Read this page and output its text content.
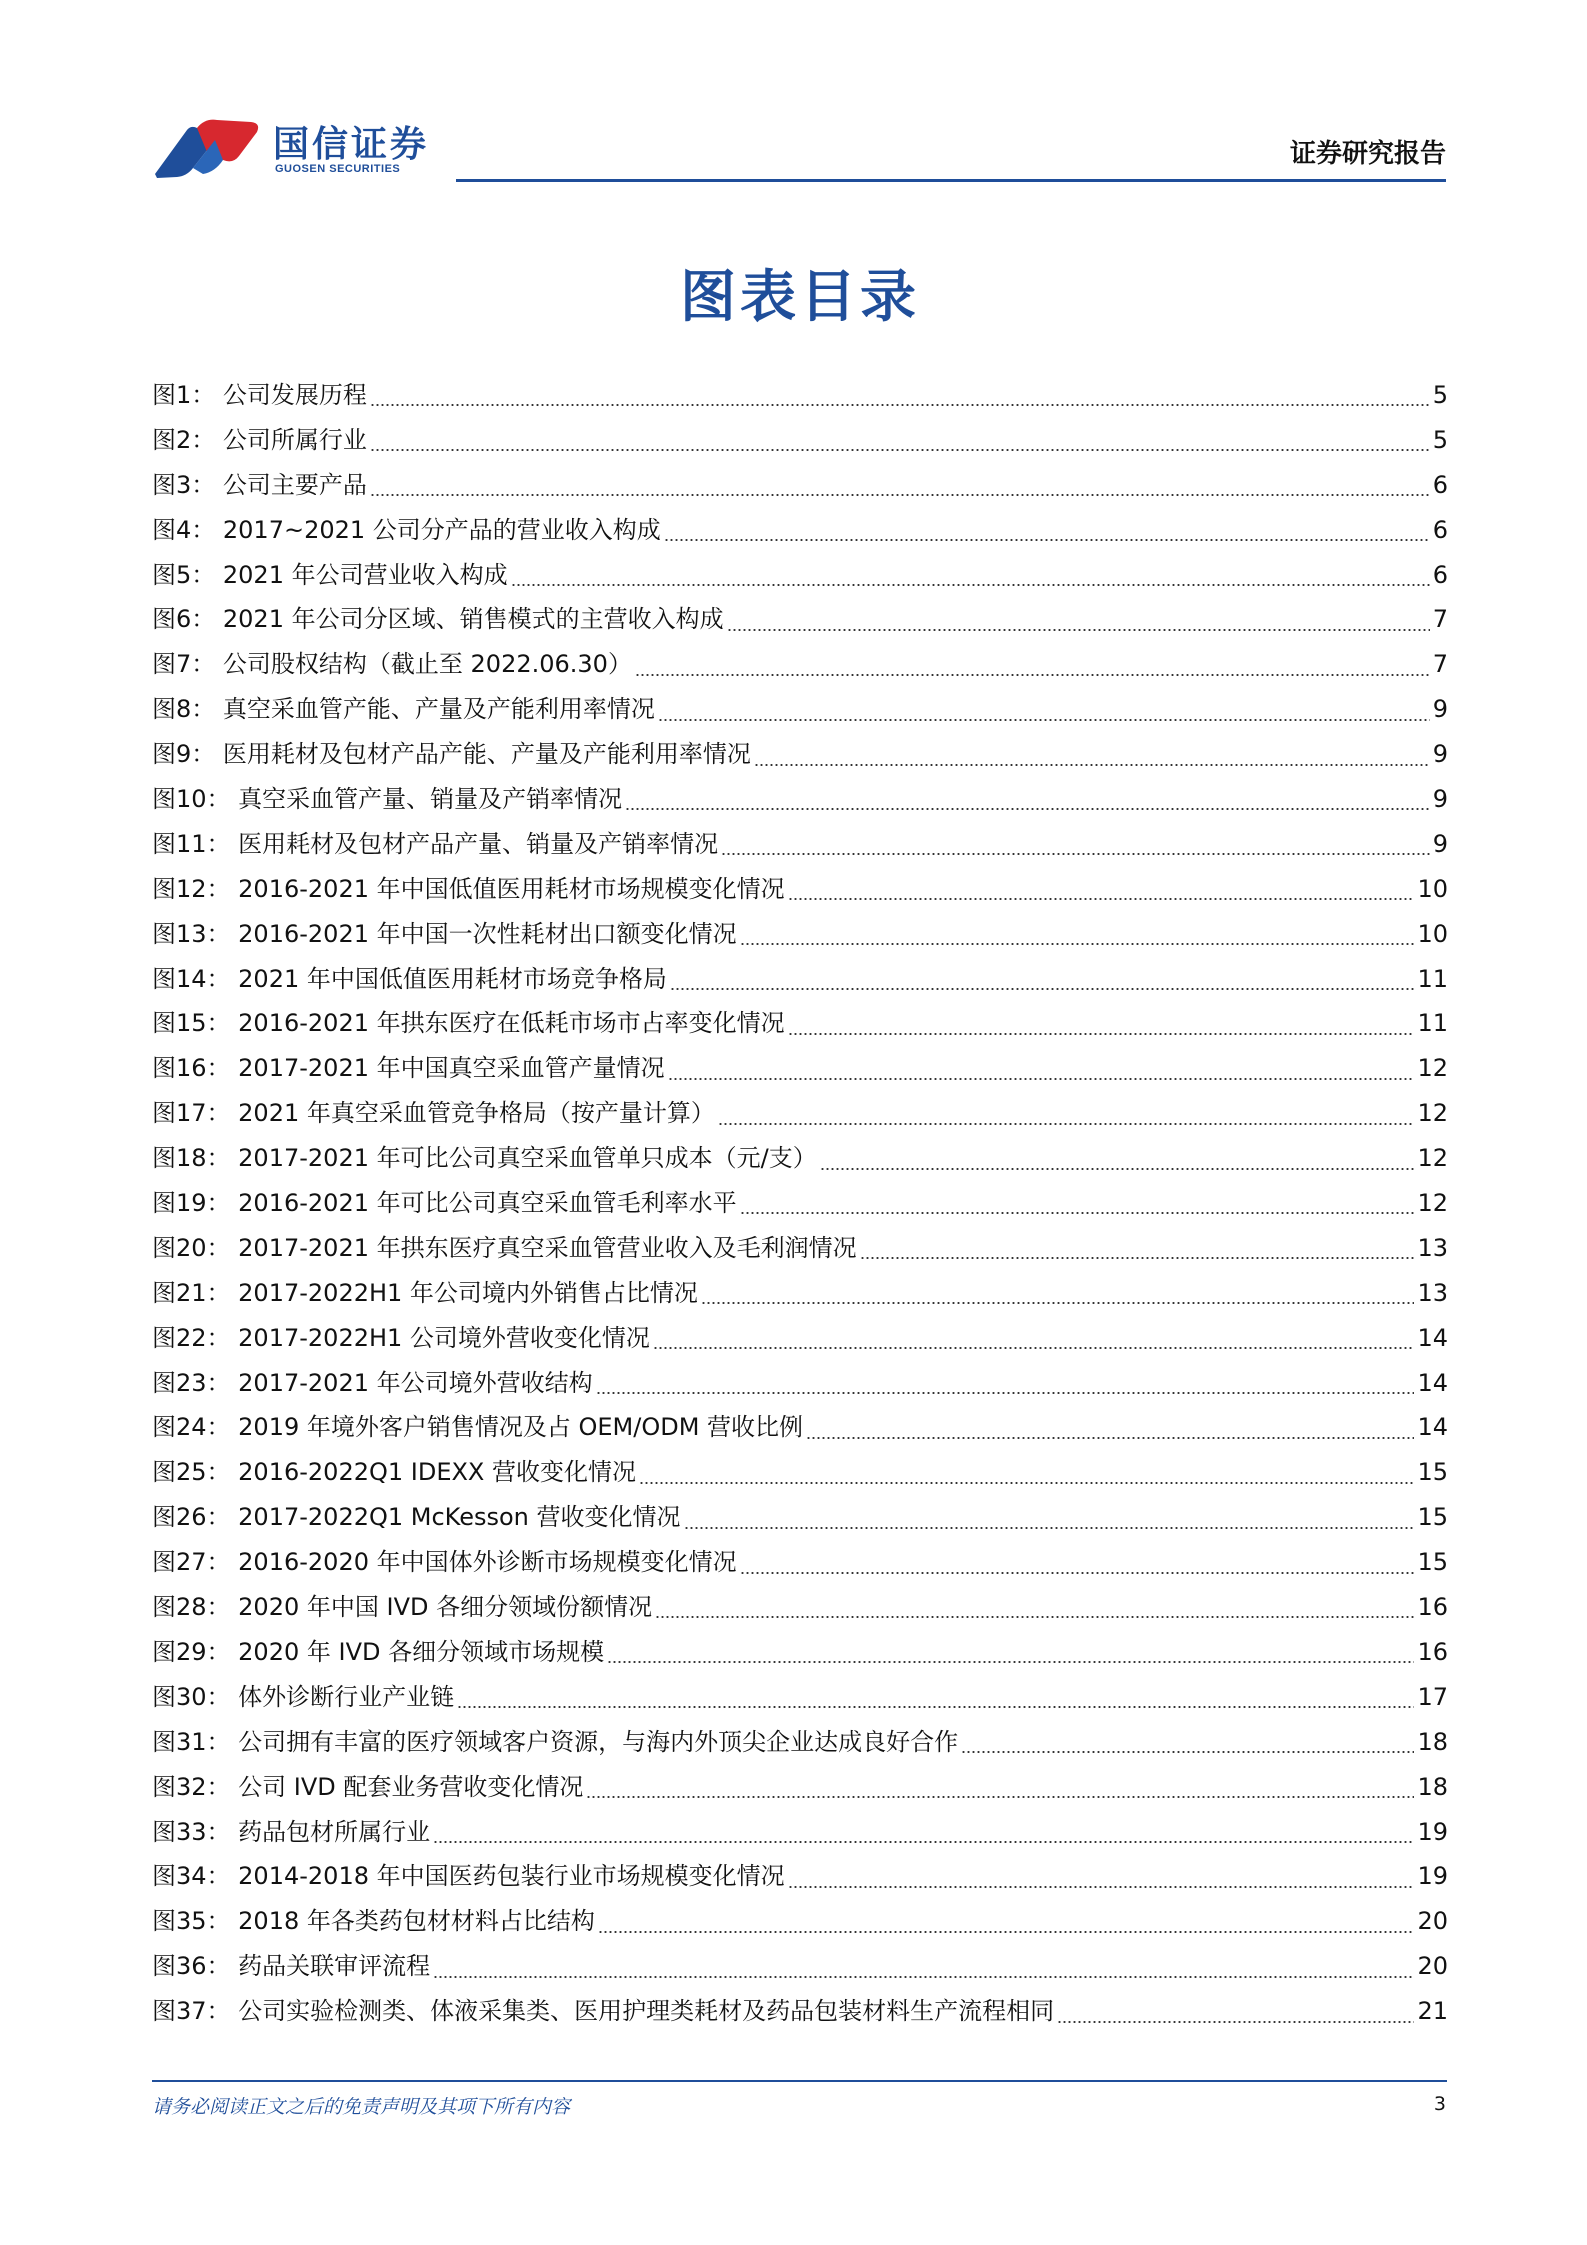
国信证券
GUOSEN SECURITIES	证券研究报告
图表目录
图1： 公司发展历程	5
图2： 公司所属行业	5
图3： 公司主要产品	6
图4： 2017~2021 公司分产品的营业收入构成	6
图5： 2021 年公司营业收入构成	6
图6： 2021 年公司分区域、销售模式的主营收入构成	7
图7： 公司股权结构（截止至 2022.06.30）	7
图8： 真空采血管产能、产量及产能利用率情况	9
图9： 医用耗材及包材产品产能、产量及产能利用率情况	9
图10： 真空采血管产量、销量及产销率情况	9
图11： 医用耗材及包材产品产量、销量及产销率情况	9
图12： 2016-2021 年中国低值医用耗材市场规模变化情况	10
图13： 2016-2021 年中国一次性耗材出口额变化情况	10
图14： 2021 年中国低值医用耗材市场竞争格局	11
图15： 2016-2021 年拱东医疗在低耗市场市占率变化情况	11
图16： 2017-2021 年中国真空采血管产量情况	12
图17： 2021 年真空采血管竞争格局（按产量计算）	12
图18： 2017-2021 年可比公司真空采血管单只成本（元/支）	12
图19： 2016-2021 年可比公司真空采血管毛利率水平	12
图20： 2017-2021 年拱东医疗真空采血管营业收入及毛利润情况	13
图21： 2017-2022H1 年公司境内外销售占比情况	13
图22： 2017-2022H1 公司境外营收变化情况	14
图23： 2017-2021 年公司境外营收结构	14
图24： 2019 年境外客户销售情况及占 OEM/ODM 营收比例	14
图25： 2016-2022Q1 IDEXX 营收变化情况	15
图26： 2017-2022Q1 McKesson 营收变化情况	15
图27： 2016-2020 年中国体外诊断市场规模变化情况	15
图28： 2020 年中国 IVD 各细分领域份额情况	16
图29： 2020 年 IVD 各细分领域市场规模	16
图30： 体外诊断行业产业链	17
图31： 公司拥有丰富的医疗领域客户资源，与海内外顶尖企业达成良好合作	18
图32： 公司 IVD 配套业务营收变化情况	18
图33： 药品包材所属行业	19
图34： 2014-2018 年中国医药包装行业市场规模变化情况	19
图35： 2018 年各类药包材材料占比结构	20
图36： 药品关联审评流程	20
图37： 公司实验检测类、体液采集类、医用护理类耗材及药品包装材料生产流程相同	21
请务必阅读正文之后的免责声明及其项下所有内容	3
